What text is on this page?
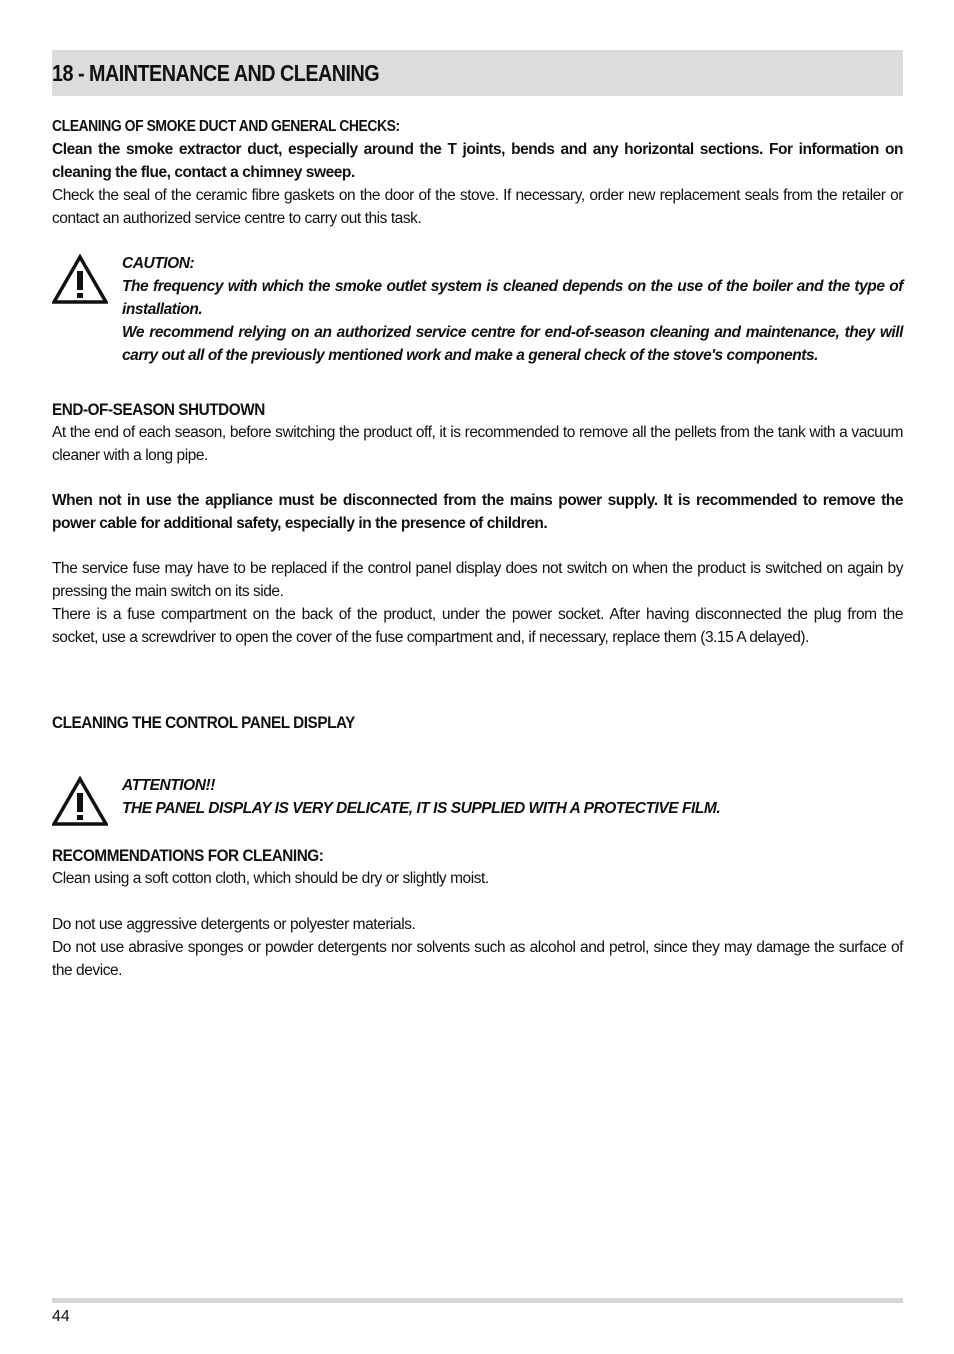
18 - MAINTENANCE AND CLEANING

CLEANING OF SMOKE DUCT AND GENERAL CHECKS:

Clean the smoke extractor duct, especially around the T joints, bends and any horizontal sections. For information on cleaning the flue, contact a chimney sweep.

Check the seal of the ceramic fibre gaskets on the door of the stove. If necessary, order new replacement seals from the retailer or contact an authorized service centre to carry out this task.

CAUTION:

The frequency with which the smoke outlet system is cleaned depends on the use of the boiler and the type of installation.

We recommend relying on an authorized service centre for end-of-season cleaning and maintenance, they will carry out all of the previously mentioned work and make a general check of the stove's components.

END-OF-SEASON SHUTDOWN

At the end of each season, before switching the product off, it is recommended to remove all the pellets from the tank with a vacuum cleaner with a long pipe.

When not in use the appliance must be disconnected from the mains power supply. It is recommended to remove the power cable for additional safety, especially in the presence of children.

The service fuse may have to be replaced if the control panel display does not switch on when the product is switched on again by pressing the main switch on its side.

There is a fuse compartment on the back of the product, under the power socket. After having disconnected the plug from the socket, use a screwdriver to open the cover of the fuse compartment and, if necessary, replace them (3.15 A delayed).

CLEANING THE CONTROL PANEL DISPLAY

ATTENTION!!

THE PANEL DISPLAY IS VERY DELICATE, IT IS SUPPLIED WITH A PROTECTIVE FILM.

RECOMMENDATIONS FOR CLEANING:

Clean using a soft cotton cloth, which should be dry or slightly moist.

Do not use aggressive detergents or polyester materials.

Do not use abrasive sponges or powder detergents nor solvents such as alcohol and petrol, since they may damage the surface of the device.

44
